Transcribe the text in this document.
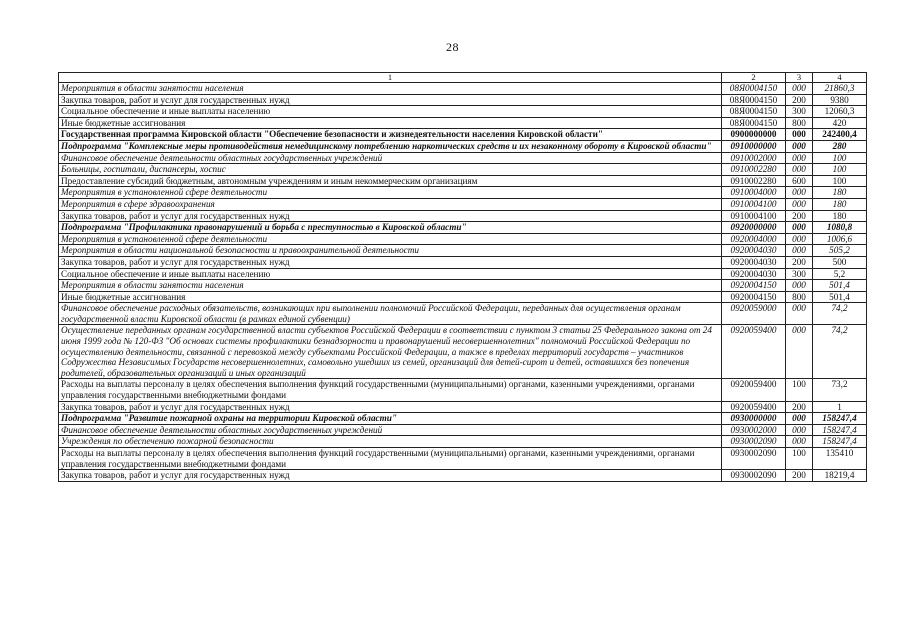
28
1	2	3	4
Мероприятия в области занятости населения	08Я0004150	000	21860,3
Закупка товаров, работ и услуг для государственных нужд	08Я0004150	200	9380
Социальное обеспечение и иные выплаты населению	08Я0004150	300	12060,3
Иные бюджетные ассигнования	08Я0004150	800	420
Государственная программа Кировской области "Обеспечение безопасности и жизнедеятельности населения Кировской области"	0900000000	000	242400,4
Подпрограмма "Комплексные меры противодействия немедицинскому потреблению наркотических средств и их незаконному обороту в Кировской области"	0910000000	000	280
Финансовое обеспечение деятельности областных государственных учреждений	0910002000	000	100
Больницы, госпитали, диспансеры, хоспис	0910002280	000	100
Предоставление субсидий бюджетным, автономным учреждениям и иным некоммерческим организациям	0910002280	600	100
Мероприятия в установленной сфере деятельности	0910004000	000	180
Мероприятия в сфере здравоохранения	0910004100	000	180
Закупка товаров, работ и услуг для государственных нужд	0910004100	200	180
Подпрограмма "Профилактика правонарушений и борьба с преступностью в Кировской области"	0920000000	000	1080,8
Мероприятия в установленной сфере деятельности	0920004000	000	1006,6
Мероприятия в области национальной безопасности и правоохранительной деятельности	0920004030	000	505,2
Закупка товаров, работ и услуг для государственных нужд	0920004030	200	500
Социальное обеспечение и иные выплаты населению	0920004030	300	5,2
Мероприятия в области занятости населения	0920004150	000	501,4
Иные бюджетные ассигнования	0920004150	800	501,4
Финансовое обеспечение расходных обязательств, возникающих при выполнении полномочий Российской Федерации, переданных для осуществления органам государственной власти Кировской области (в рамках единой субвенции)	0920059000	000	74,2
Осуществление переданных органам государственной власти субъектов Российской Федерации в соответствии с пунктом 3 статьи 25 Федерального закона от 24 июня 1999 года № 120-ФЗ "Об основах системы профилактики безнадзорности и правонарушений несовершеннолетних" полномочий Российской Федерации по осуществлению деятельности, связанной с перевозкой между субъектами Российской Федерации, а также в пределах территорий государств – участников Содружества Независимых Государств несовершеннолетних, самовольно ушедших из семей, организаций для детей-сирот и детей, оставшихся без попечения родителей, образовательных организаций и иных организаций	0920059400	000	74,2
Расходы на выплаты персоналу в целях обеспечения выполнения функций государственными (муниципальными) органами, казенными учреждениями, органами управления государственными внебюджетными фондами	0920059400	100	73,2
Закупка товаров, работ и услуг для государственных нужд	0920059400	200	1
Подпрограмма "Развитие пожарной охраны на территории Кировской области"	0930000000	000	158247,4
Финансовое обеспечение деятельности областных государственных учреждений	0930002000	000	158247,4
Учреждения по обеспечению пожарной безопасности	0930002090	000	158247,4
Расходы на выплаты персоналу в целях обеспечения выполнения функций государственными (муниципальными) органами, казенными учреждениями, органами управления государственными внебюджетными фондами	0930002090	100	135410
Закупка товаров, работ и услуг для государственных нужд	0930002090	200	18219,4
